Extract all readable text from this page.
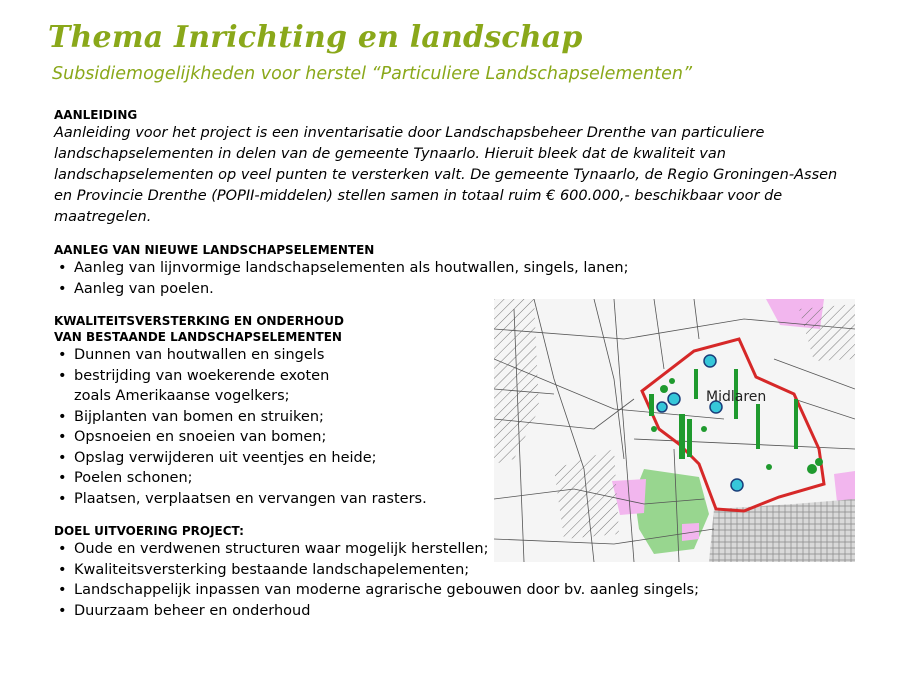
Thema Inrichting en landschap
Subsidiemogelijkheden voor herstel “Particuliere Landschapselementen”

AANLEIDING

Aanleiding voor het project is een inventarisatie door Landschapsbeheer Drenthe van particuliere landschapselementen in delen van de gemeente Tynaarlo. Hieruit bleek dat de kwaliteit van landschapselementen op veel punten te versterken valt. De gemeente Tynaarlo, de Regio Groningen-Assen en Provincie Drenthe (POPII-middelen) stellen samen in totaal ruim € 600.000,- beschikbaar voor de maatregelen.

AANLEG VAN NIEUWE LANDSCHAPSELEMENTEN

• Aanleg van lijnvormige landschapselementen als houtwallen, singels, lanen;
• Aanleg van poelen.

KWALITEITSVERSTERKING EN ONDERHOUD

VAN BESTAANDE LANDSCHAPSELEMENTEN

• Dunnen van houtwallen en singels
• bestrijding van woekerende exoten
zoals Amerikaanse vogelkers;
• Bijplanten van bomen en struiken;
• Opsnoeien en snoeien van bomen;
• Opslag verwijderen uit veentjes en heide;
• Poelen schonen;
• Plaatsen, verplaatsen en vervangen van rasters.

DOEL UITVOERING PROJECT:

• Oude en verdwenen structuren waar mogelijk herstellen;
• Kwaliteitsversterking bestaande landschapelementen;
• Landschappelijk inpassen van moderne agrarische gebouwen door bv. aanleg singels;
• Duurzaam beheer en onderhoud
Midlaren
